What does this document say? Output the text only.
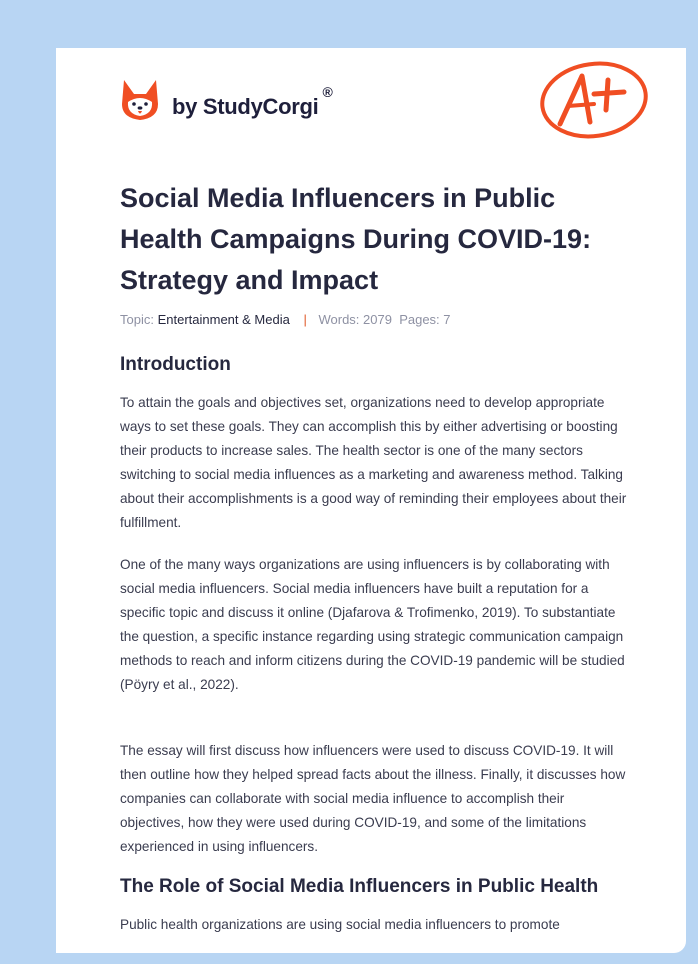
by StudyCorgi®
Social Media Influencers in Public Health Campaigns During COVID-19: Strategy and Impact
Topic: Entertainment & Media | Words: 2079 Pages: 7
Introduction

To attain the goals and objectives set, organizations need to develop appropriate ways to set these goals. They can accomplish this by either advertising or boosting their products to increase sales. The health sector is one of the many sectors switching to social media influences as a marketing and awareness method. Talking about their accomplishments is a good way of reminding their employees about their fulfillment.

One of the many ways organizations are using influencers is by collaborating with social media influencers. Social media influencers have built a reputation for a specific topic and discuss it online (Djafarova & Trofimenko, 2019). To substantiate the question, a specific instance regarding using strategic communication campaign methods to reach and inform citizens during the COVID-19 pandemic will be studied (Pöyry et al., 2022).

The essay will first discuss how influencers were used to discuss COVID-19. It will then outline how they helped spread facts about the illness. Finally, it discusses how companies can collaborate with social media influence to accomplish their objectives, how they were used during COVID-19, and some of the limitations experienced in using influencers.

The Role of Social Media Influencers in Public Health

Public health organizations are using social media influencers to promote
